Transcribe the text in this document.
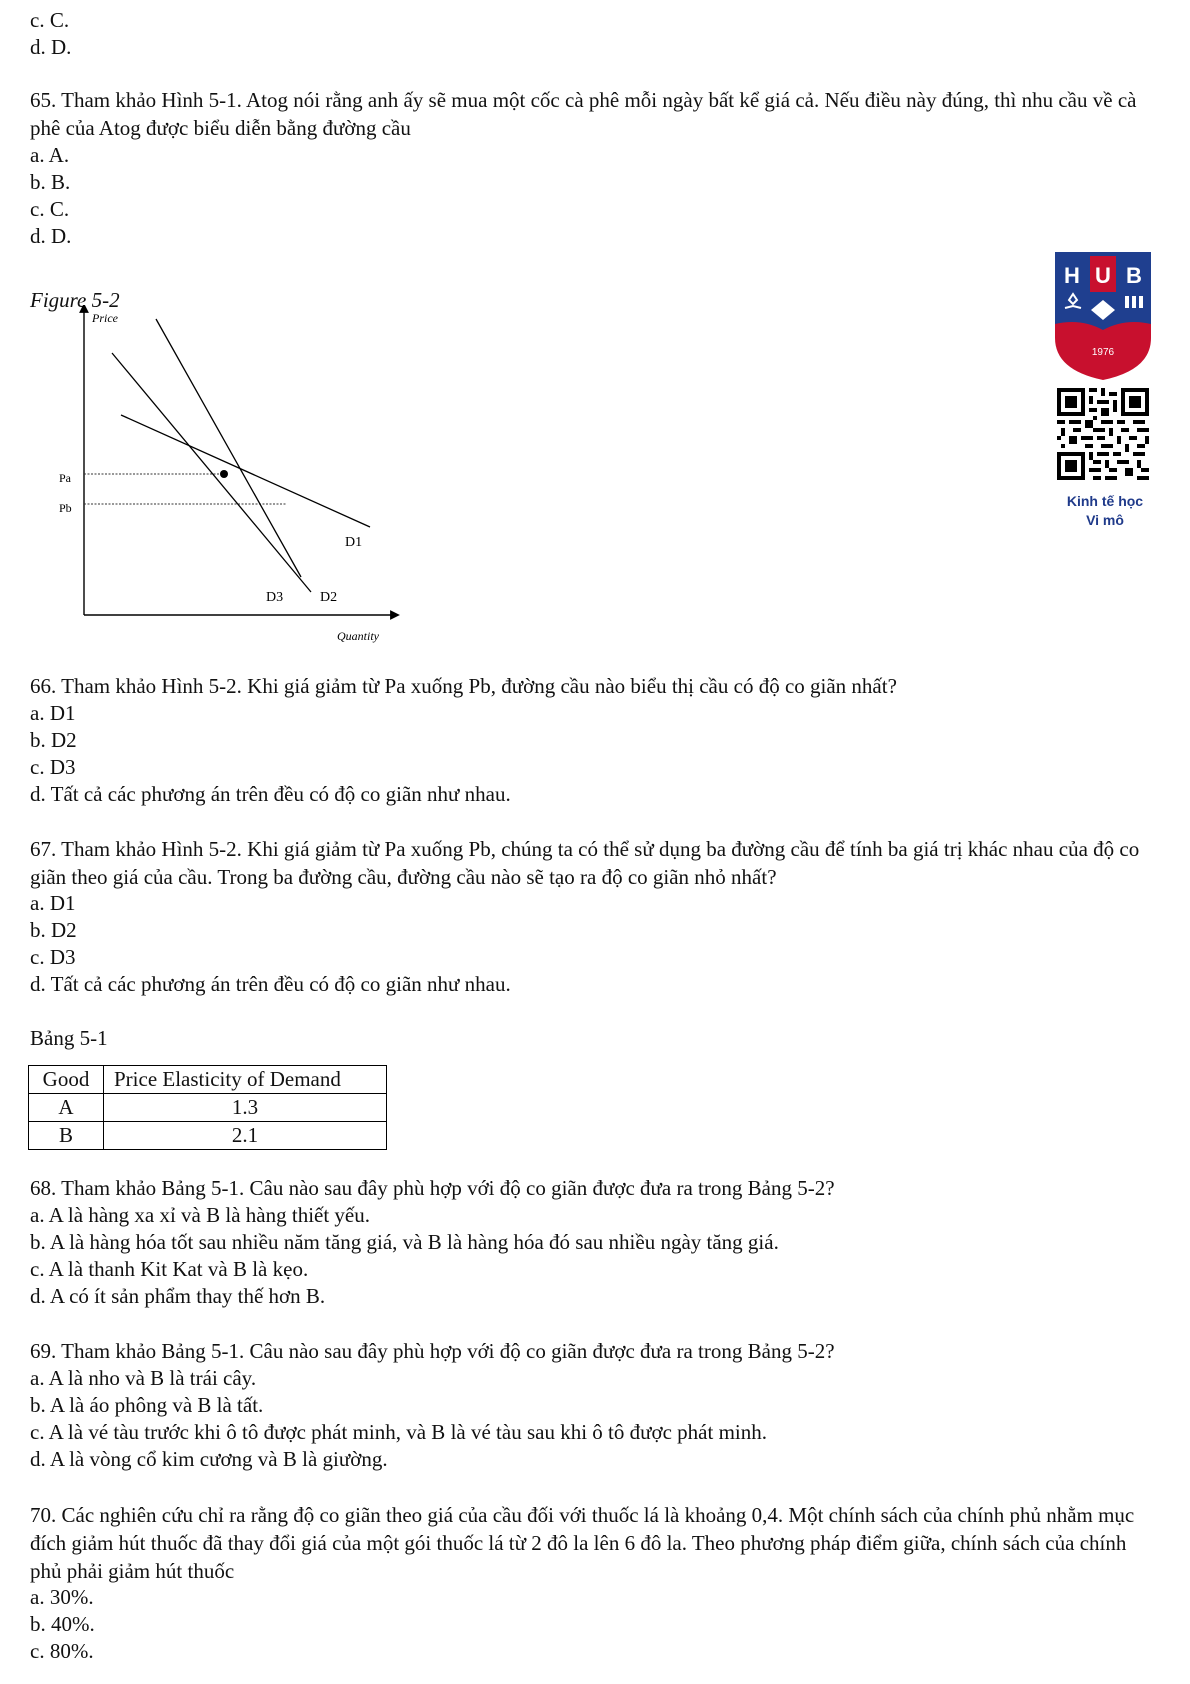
c. C.
d. D.
65. Tham khảo Hình 5-1. Atog nói rằng anh ấy sẽ mua một cốc cà phê mỗi ngày bất kể giá cả. Nếu điều này đúng, thì nhu cầu về cà phê của Atog được biểu diễn bằng đường cầu
a. A.
b. B.
c. C.
d. D.
Figure 5-2
Price
Quantity
Pa
Pb
D1
D2
D3
H U B
1976
Kinh tế học
Vi mô
66. Tham khảo Hình 5-2. Khi giá giảm từ Pa xuống Pb, đường cầu nào biểu thị cầu có độ co giãn nhất?
a. D1
b. D2
c. D3
d. Tất cả các phương án trên đều có độ co giãn như nhau.
67. Tham khảo Hình 5-2. Khi giá giảm từ Pa xuống Pb, chúng ta có thể sử dụng ba đường cầu để tính ba giá trị khác nhau của độ co giãn theo giá của cầu. Trong ba đường cầu, đường cầu nào sẽ tạo ra độ co giãn nhỏ nhất?
a. D1
b. D2
c. D3
d. Tất cả các phương án trên đều có độ co giãn như nhau.
Bảng 5-1
Good	Price Elasticity of Demand
A	1.3
B	2.1
68. Tham khảo Bảng 5-1. Câu nào sau đây phù hợp với độ co giãn được đưa ra trong Bảng 5-2?
a. A là hàng xa xỉ và B là hàng thiết yếu.
b. A là hàng hóa tốt sau nhiều năm tăng giá, và B là hàng hóa đó sau nhiều ngày tăng giá.
c. A là thanh Kit Kat và B là kẹo.
d. A có ít sản phẩm thay thế hơn B.
69. Tham khảo Bảng 5-1. Câu nào sau đây phù hợp với độ co giãn được đưa ra trong Bảng 5-2?
a. A là nho và B là trái cây.
b. A là áo phông và B là tất.
c. A là vé tàu trước khi ô tô được phát minh, và B là vé tàu sau khi ô tô được phát minh.
d. A là vòng cổ kim cương và B là giường.
70. Các nghiên cứu chỉ ra rằng độ co giãn theo giá của cầu đối với thuốc lá là khoảng 0,4. Một chính sách của chính phủ nhằm mục đích giảm hút thuốc đã thay đổi giá của một gói thuốc lá từ 2 đô la lên 6 đô la. Theo phương pháp điểm giữa, chính sách của chính phủ phải giảm hút thuốc
a. 30%.
b. 40%.
c. 80%.
